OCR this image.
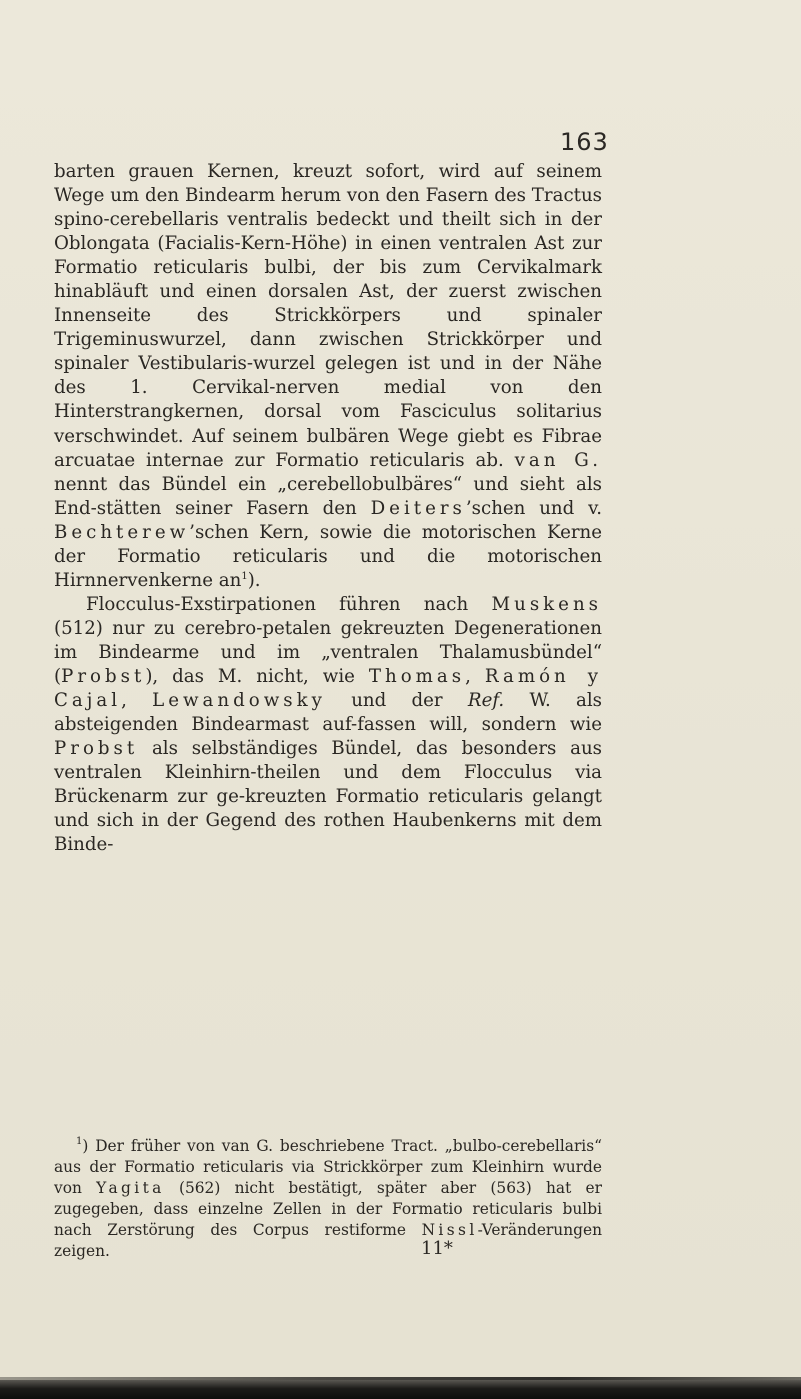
163

barten grauen Kernen, kreuzt sofort, wird auf seinem Wege um den Bindearm herum von den Fasern des Tractus spino-cerebellaris ventralis bedeckt und theilt sich in der Oblongata (Facialis-Kern-Höhe) in einen ventralen Ast zur Formatio reticularis bulbi, der bis zum Cervikalmark hinabläuft und einen dorsalen Ast, der zuerst zwischen Innenseite des Strickkörpers und spinaler Trigeminuswurzel, dann zwischen Strickkörper und spinaler Vestibularis-wurzel gelegen ist und in der Nähe des 1. Cervikal-nerven medial von den Hinterstrangkernen, dorsal vom Fasciculus solitarius verschwindet. Auf seinem bulbären Wege giebt es Fibrae arcuatae internae zur Formatio reticularis ab. van G. nennt das Bündel ein „cerebellobulbäres“ und sieht als End-stätten seiner Fasern den Deiters’schen und v. Bechterew’schen Kern, sowie die motorischen Kerne der Formatio reticularis und die motorischen Hirnnervenkerne $an^1$).

Flocculus-Exstirpationen führen nach Muskens (512) nur zu cerebro-petalen gekreuzten Degenerationen im Bindearme und im „ventralen Thalamusbündel“ (Probst), das M. nicht, wie Thomas, Ramón y Cajal, Lewandowsky und der Ref. W. als absteigenden Bindearmast auf-fassen will, sondern wie Probst als selbständiges Bündel, das besonders aus ventralen Kleinhirn-theilen und dem Flocculus via Brückenarm zur ge-kreuzten Formatio reticularis gelangt und sich in der Gegend des rothen Haubenkerns mit dem Binde-

$^1$) Der früher von van G. beschriebene Tract. „bulbo-cerebellaris“ aus der Formatio reticularis via Strickkörper zum Kleinhirn wurde von Yagita (562) nicht bestätigt, später aber (563) hat er zugegeben, dass einzelne Zellen in der Formatio reticularis bulbi nach Zerstörung des Corpus restiforme Nissl-Veränderungen zeigen.	11*
